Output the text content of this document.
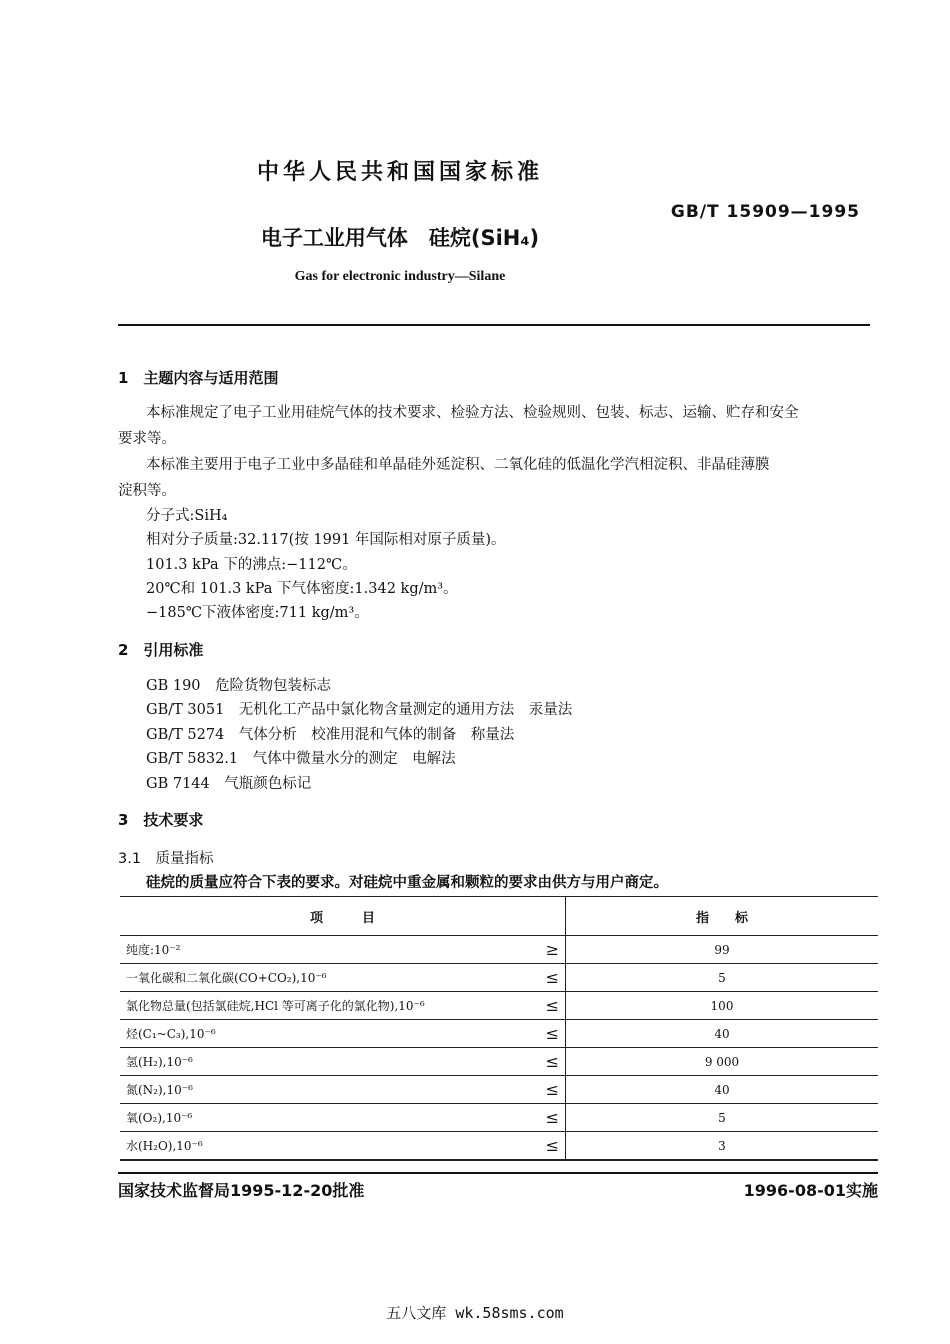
中华人民共和国国家标准
GB/T 15909—1995
电子工业用气体　硅烷(SiH₄)
Gas for electronic industry—Silane
1　主题内容与适用范围
本标准规定了电子工业用硅烷气体的技术要求、检验方法、检验规则、包装、标志、运输、贮存和安全
要求等。
本标准主要用于电子工业中多晶硅和单晶硅外延淀积、二氧化硅的低温化学汽相淀积、非晶硅薄膜
淀积等。
分子式:SiH₄
相对分子质量:32.117(按 1991 年国际相对原子质量)。
101.3 kPa 下的沸点:−112℃。
20℃和 101.3 kPa 下气体密度:1.342 kg/m³。
−185℃下液体密度:711 kg/m³。
2　引用标准
GB 190　危险货物包装标志
GB/T 3051　无机化工产品中氯化物含量测定的通用方法　汞量法
GB/T 5274　气体分析　校准用混和气体的制备　称量法
GB/T 5832.1　气体中微量水分的测定　电解法
GB 7144　气瓶颜色标记
3　技术要求
3.1　质量指标
硅烷的质量应符合下表的要求。对硅烷中重金属和颗粒的要求由供方与用户商定。
项　　　目		指　　标
纯度:10⁻²	≥	99
一氧化碳和二氧化碳(CO+CO₂),10⁻⁶	≤	5
氯化物总量(包括氯硅烷,HCl 等可离子化的氯化物),10⁻⁶	≤	100
烃(C₁~C₃),10⁻⁶	≤	40
氢(H₂),10⁻⁶	≤	9 000
氮(N₂),10⁻⁶	≤	40
氧(O₂),10⁻⁶	≤	5
水(H₂O),10⁻⁶	≤	3
国家技术监督局1995-12-20批准	1996-08-01实施
五八文库 wk.58sms.com
